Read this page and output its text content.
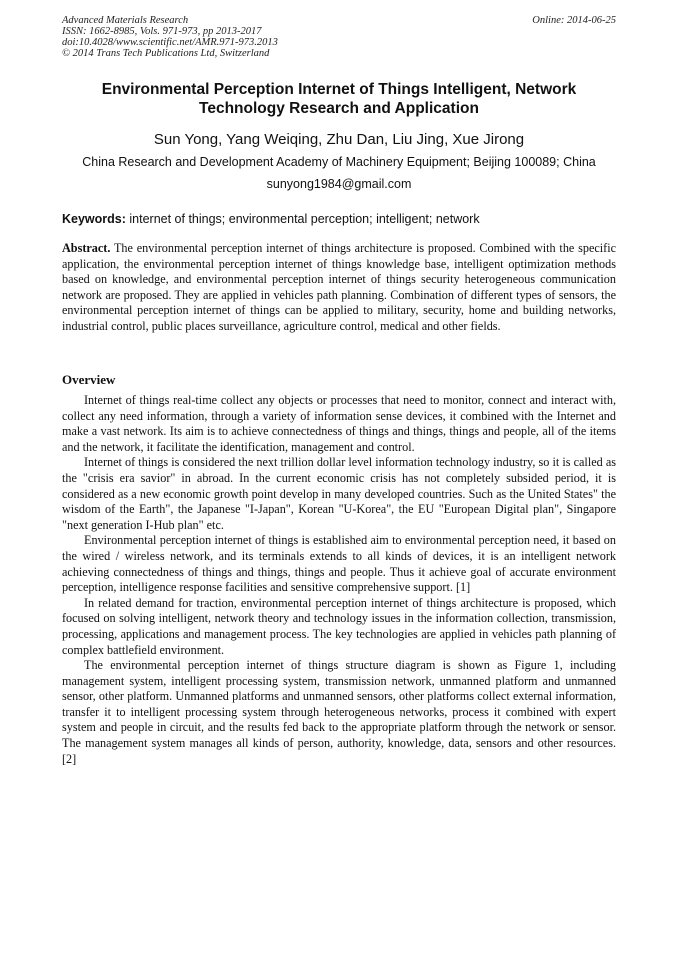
Advanced Materials Research
ISSN: 1662-8985, Vols. 971-973, pp 2013-2017
doi:10.4028/www.scientific.net/AMR.971-973.2013
© 2014 Trans Tech Publications Ltd, Switzerland
Online: 2014-06-25
Environmental Perception Internet of Things Intelligent, Network Technology Research and Application
Sun Yong, Yang Weiqing, Zhu Dan, Liu Jing, Xue Jirong
China Research and Development Academy of Machinery Equipment; Beijing 100089; China
sunyong1984@gmail.com
Keywords: internet of things; environmental perception; intelligent; network
Abstract. The environmental perception internet of things architecture is proposed. Combined with the specific application, the environmental perception internet of things knowledge base, intelligent optimization methods based on knowledge, and environmental perception internet of things security heterogeneous communication network are proposed. They are applied in vehicles path planning. Combination of different types of sensors, the environmental perception internet of things can be applied to military, security, home and building networks, industrial control, public places surveillance, agriculture control, medical and other fields.
Overview

Internet of things real-time collect any objects or processes that need to monitor, connect and interact with, collect any need information, through a variety of information sense devices, it combined with the Internet and make a vast network. Its aim is to achieve connectedness of things and things, things and people, all of the items and the network, it facilitate the identification, management and control.

Internet of things is considered the next trillion dollar level information technology industry, so it is called as the "crisis era savior" in abroad. In the current economic crisis has not completely subsided period, it is considered as a new economic growth point develop in many developed countries. Such as the United States" the wisdom of the Earth", the Japanese "I-Japan", Korean "U-Korea", the EU "European Digital plan", Singapore "next generation I-Hub plan" etc.

Environmental perception internet of things is established aim to environmental perception need, it based on the wired / wireless network, and its terminals extends to all kinds of devices, it is an intelligent network achieving connectedness of things and things, things and people. Thus it achieve goal of accurate environment perception, intelligence response facilities and sensitive comprehensive support. [1]

In related demand for traction, environmental perception internet of things architecture is proposed, which focused on solving intelligent, network theory and technology issues in the information collection, transmission, processing, applications and management process. The key technologies are applied in vehicles path planning of complex battlefield environment.

The environmental perception internet of things structure diagram is shown as Figure 1, including management system, intelligent processing system, transmission network, unmanned platform and unmanned sensor, other platform. Unmanned platforms and unmanned sensors, other platforms collect external information, transfer it to intelligent processing system through heterogeneous networks, process it combined with expert system and people in circuit, and the results fed back to the appropriate platform through the network or sensor. The management system manages all kinds of person, authority, knowledge, data, sensors and other resources. [2]
